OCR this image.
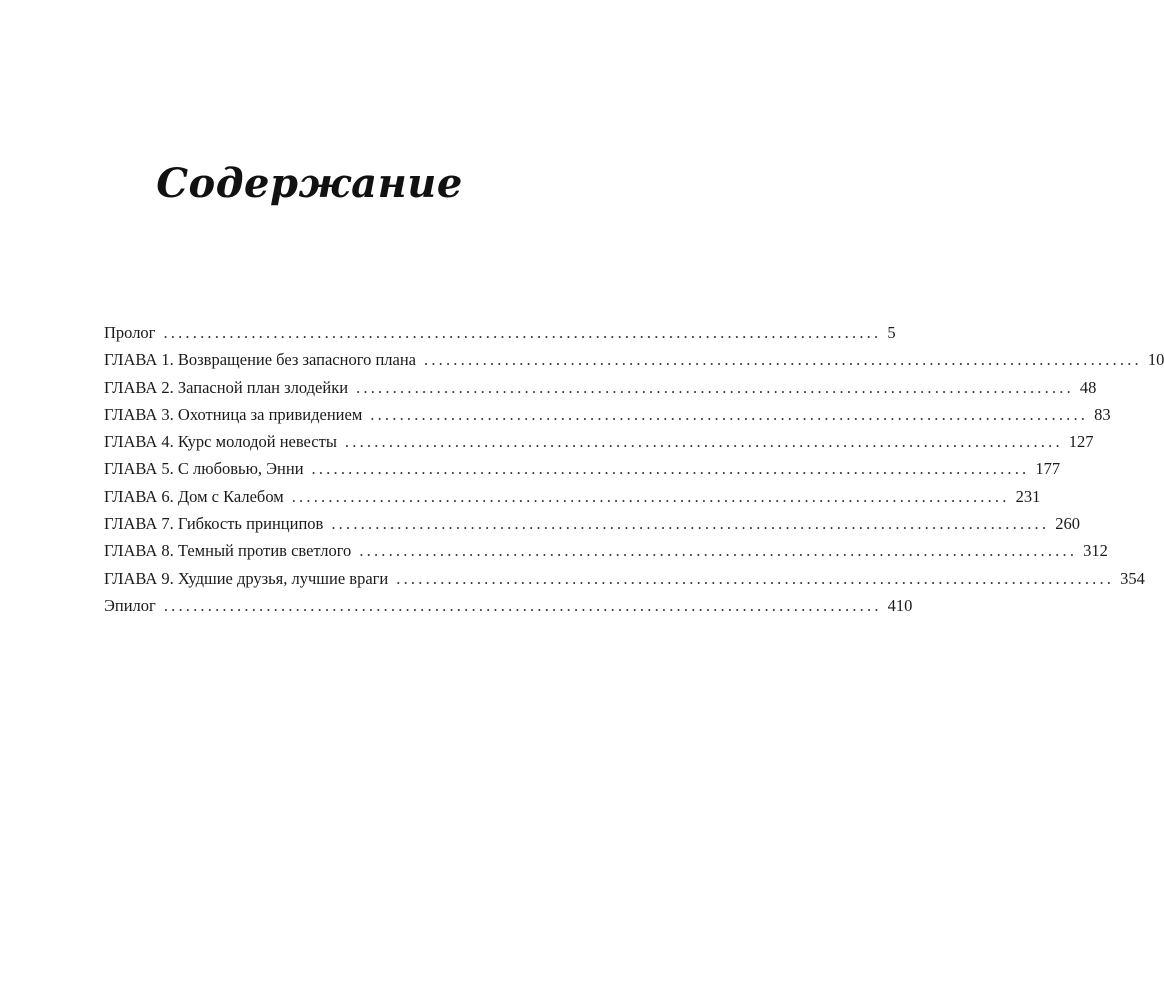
Содержание
Пролог .................................................................................................. 5
ГЛАВА 1. Возвращение без запасного плана .................................................................................................. 10
ГЛАВА 2. Запасной план злодейки .................................................................................................. 48
ГЛАВА 3. Охотница за привидением .................................................................................................. 83
ГЛАВА 4. Курс молодой невесты .................................................................................................. 127
ГЛАВА 5. С любовью, Энни .................................................................................................. 177
ГЛАВА 6. Дом с Калебом .................................................................................................. 231
ГЛАВА 7. Гибкость принципов .................................................................................................. 260
ГЛАВА 8. Темный против светлого .................................................................................................. 312
ГЛАВА 9. Худшие друзья, лучшие враги .................................................................................................. 354
Эпилог .................................................................................................. 410
